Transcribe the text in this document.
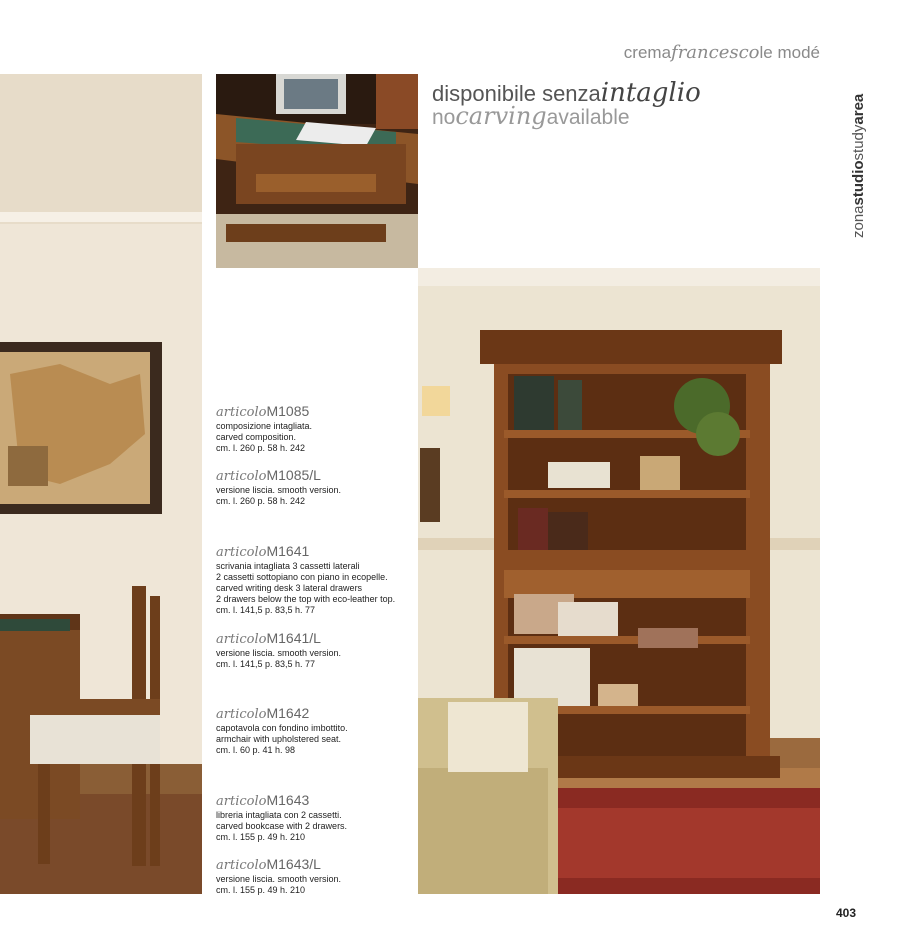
cremafrancescole modé
zonastudiostudyarea
disponibile senzaintaglio
nocarvingavailable
articoloM1085
composizione intagliata.
carved composition.
cm. l. 260 p. 58 h. 242
articoloM1085/L
versione liscia. smooth version.
cm. l. 260 p. 58 h. 242
articoloM1641
scrivania intagliata 3 cassetti laterali
2 cassetti sottopiano con piano in ecopelle.
carved writing desk 3 lateral drawers
2 drawers below the top with eco-leather top.
cm. l. 141,5 p. 83,5 h. 77
articoloM1641/L
versione liscia. smooth version.
cm. l. 141,5 p. 83,5 h. 77
articoloM1642
capotavola con fondino imbottito.
armchair with upholstered seat.
cm. l. 60 p. 41 h. 98
articoloM1643
libreria intagliata con 2 cassetti.
carved bookcase with 2 drawers.
cm. l. 155 p. 49 h. 210
articoloM1643/L
versione liscia. smooth version.
cm. l. 155 p. 49 h. 210
403
